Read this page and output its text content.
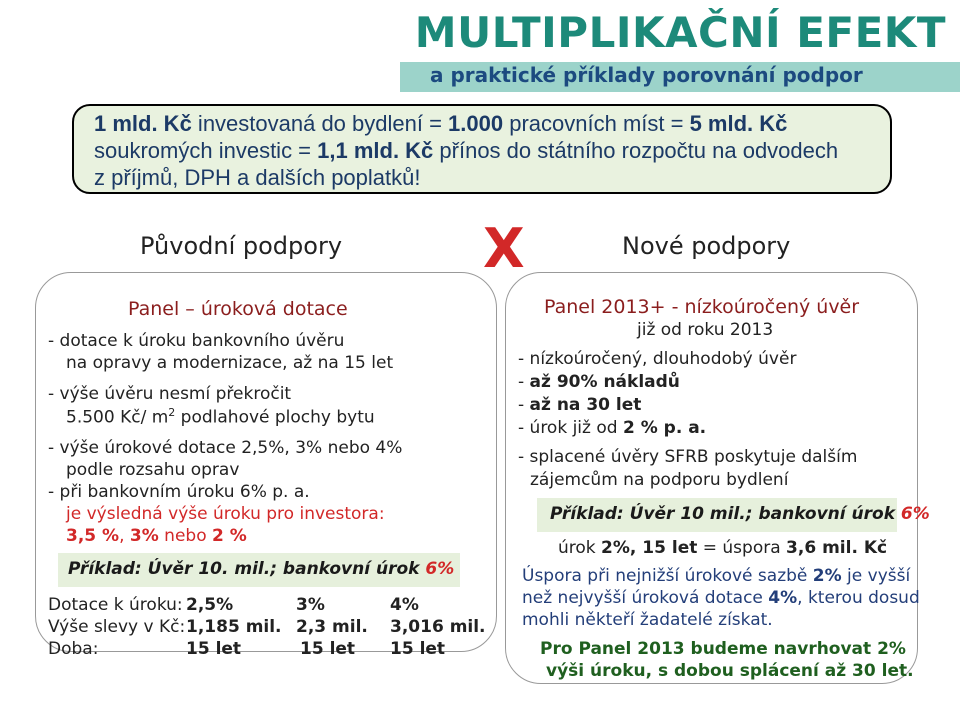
MULTIPLIKAČNÍ EFEKT
a praktické příklady porovnání podpor
1 mld. Kč investovaná do bydlení = 1.000 pracovních míst = 5 mld. Kč
soukromých investic = 1,1 mld. Kč přínos do státního rozpočtu na odvodech
z příjmů, DPH a dalších poplatků!
Původní podpory	X	Nové podpory
Panel – úroková dotace
- dotace k úroku bankovního úvěru
na opravy a modernizace, až na 15 let
- výše úvěru nesmí překročit
5.500 Kč/ $m^2$ podlahové plochy bytu
- výše úrokové dotace 2,5%, 3% nebo 4%
podle rozsahu oprav
- při bankovním úroku 6% p. a.
je výsledná výše úroku pro investora:
3,5 %, 3% nebo 2 %
Příklad: Úvěr 10. mil.; bankovní úrok 6%
Dotace k úroku: 2,5%	3%	4%
Výše slevy v Kč: 1,185 mil. 2,3 mil. 3,016 mil.
Doba:	15 let	15 let 15 let
Panel 2013+ - nízkoúročený úvěr
již od roku 2013
- nízkoúročený, dlouhodobý úvěr
- až 90% nákladů
- až na 30 let
- úrok již od 2 % p. a.
- splacené úvěry SFRB poskytuje dalším
zájemcům na podporu bydlení
Příklad: Úvěr 10 mil.; bankovní úrok 6%
úrok 2%, 15 let = úspora 3,6 mil. Kč
Úspora při nejnižší úrokové sazbě 2% je vyšší
než nejvyšší úroková dotace 4%, kterou dosud
mohli někteří žadatelé získat.
Pro Panel 2013 budeme navrhovat 2%
výši úroku, s dobou splácení až 30 let.
